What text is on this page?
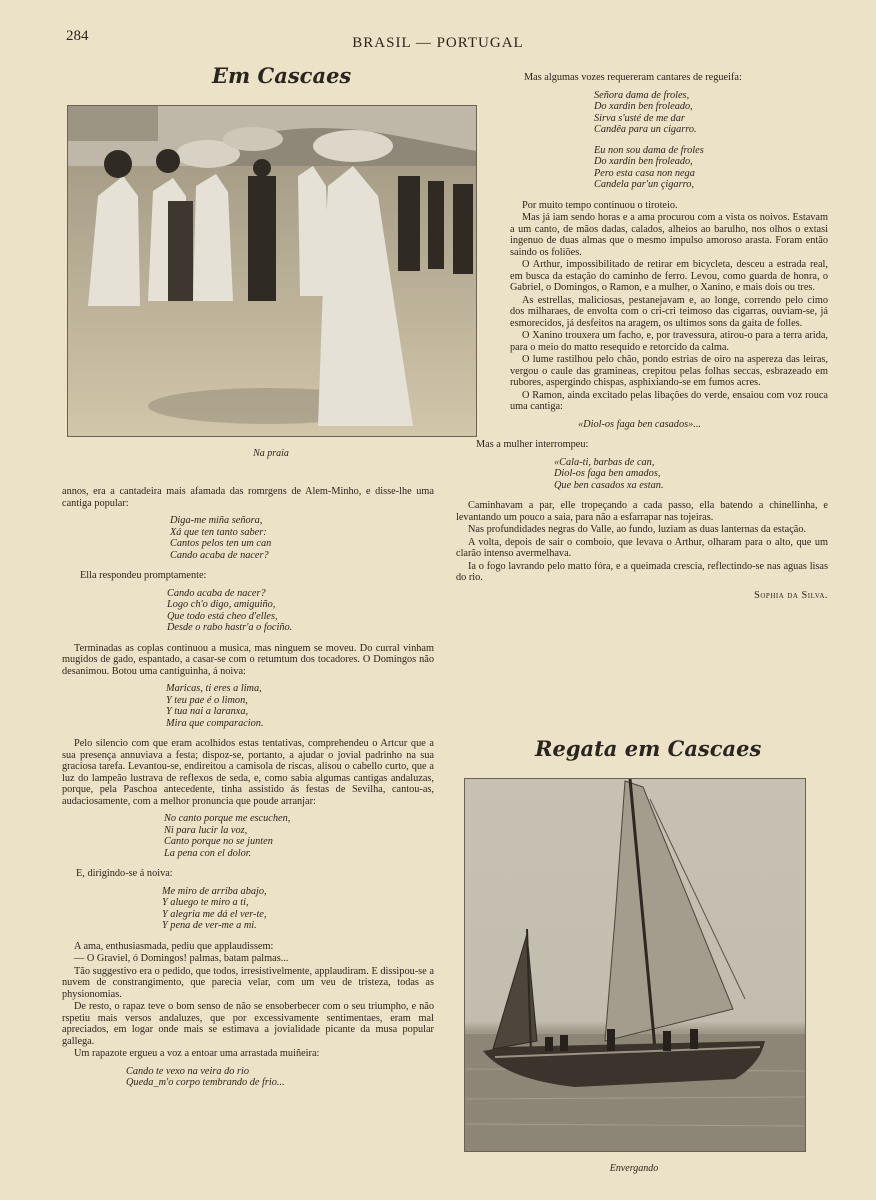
284	BRASIL — PORTUGAL
Em Cascaes
Na praia

annos, era a cantadeira mais afamada das romrgens de Alem-Minho, e disse-lhe uma cantiga popular:

Diga-me miña señora,
Xá que ten tanto saber:
Cantos pelos ten um can
Cando acaba de nacer?

Ella respondeu promptamente:

Cando acaba de nacer?
Logo ch'o digo, amiguiño,
Que todo está cheo d'elles,
Desde o rabo hastr'a o fociño.

Terminadas as coplas continuou a musica, mas ninguem se moveu. Do curral vinham mugidos de gado, espantado, a casar-se com o retumtum dos tocadores. O Domingos não desanimou. Botou uma cantiguinha, á noiva:

Maricas, ti eres a lima,
Y teu pae é o limon,
Y tua nai a laranxa,
Mira que comparacion.

Pelo silencio com que eram acolhidos estas tentativas, comprehendeu o Artcur que a sua presença annuviava a festa; dispoz-se, portanto, a ajudar o jovial padrinho na sua graciosa tarefa. Levantou-se, endireitou a camisola de riscas, alisou o cabello curto, que a luz do lampeão lustrava de reflexos de seda, e, como sabia algumas cantigas andaluzas, porque, pela Paschoa antecedente, tinha assistido ás festas de Sevilha, cantou-as, audaciosamente, com a melhor pronuncia que poude arranjar:

No canto porque me escuchen,
Ni para lucir la voz,
Canto porque no se junten
La pena con el dolor.

E, dirigindo-se á noiva:

Me miro de arriba abajo,
Y aluego te miro a ti,
Y alegria me dá el ver-te,
Y pena de ver-me a mi.

A ama, enthusiasmada, pediu que applaudissem:

— O Graviel, ó Domingos! palmas, batam palmas...

Tão suggestivo era o pedido, que todos, irresistivelmente, applaudiram. E dissipou-se a nuvem de constrangimento, que parecia velar, com um veu de tristeza, todas as physionomias.

De resto, o rapaz teve o bom senso de não se ensoberbecer com o seu triumpho, e não rspetiu mais versos andaluzes, que por excessivamente sentimentaes, eram mal apreciados, em logar onde mais se estimava a jovialidade picante da musa popular gallega.

Um rapazote ergueu a voz a entoar uma arrastada muiñeira:

Cando te vexo na veira do rio
Queda_m'o corpo tembrando de frio...

Mas algumas vozes requereram cantares de regueifa:

Señora dama de froles,
Do xardin ben froleado,
Sirva s'usté de me dar
Candêa para un cigarro.
Eu non sou dama de froles
Do xardin ben froleado,
Pero esta casa non nega
Candela par'un çigarro,

Por muito tempo continuou o tiroteio.

Mas já iam sendo horas e a ama procurou com a vista os noivos. Estavam a um canto, de mãos dadas, calados, alheios ao barulho, nos olhos o extasi ingenuo de duas almas que o mesmo impulso amoroso arasta. Foram então saindo os foliões.

O Arthur, impossibilitado de retirar em bicycleta, desceu a estrada real, em busca da estação do caminho de ferro. Levou, como guarda de honra, o Gabriel, o Domingos, o Ramon, e a mulher, o Xanino, e mais dois ou tres.

As estrellas, maliciosas, pestanejavam e, ao longe, correndo pelo cimo dos milharaes, de envolta com o cri-cri teimoso das cigarras, ouviam-se, já esmorecidos, já desfeitos na aragem, os ultimos sons da gaita de folles.

O Xanino trouxera um facho, e, por travessura, atirou-o para a terra arida, para o meio do matto resequido e retorcido da calma.

O lume rastilhou pelo chão, pondo estrias de oiro na aspereza das leiras, vergou o caule das gramineas, crepitou pelas folhas seccas, esbrazeado em rubores, aspergindo chispas, asphixiando-se em fumos acres.

O Ramon, ainda excitado pelas libações do verde, ensaiou com voz rouca uma cantiga:

«Diol-os faga ben casados»...

Mas a mulher interrompeu:

«Cala-ti, barbas de can,
Diol-os faga ben amados,
Que ben casados xa estan.

Caminhavam a par, elle tropeçando a cada passo, ella batendo a chinellinha, e levantando um pouco a saia, para não a esfarrapar nas tojeiras.

Nas profundidades negras do Valle, ao fundo, luziam as duas lanternas da estação.

A volta, depois de sair o comboio, que levava o Arthur, olharam para o alto, que um clarão intenso avermelhava.

Ia o fogo lavrando pelo matto fóra, e a queimada crescia, reflectindo-se nas aguas lisas do rio.

Sophia da Silva.
Regata em Cascaes
Envergando
